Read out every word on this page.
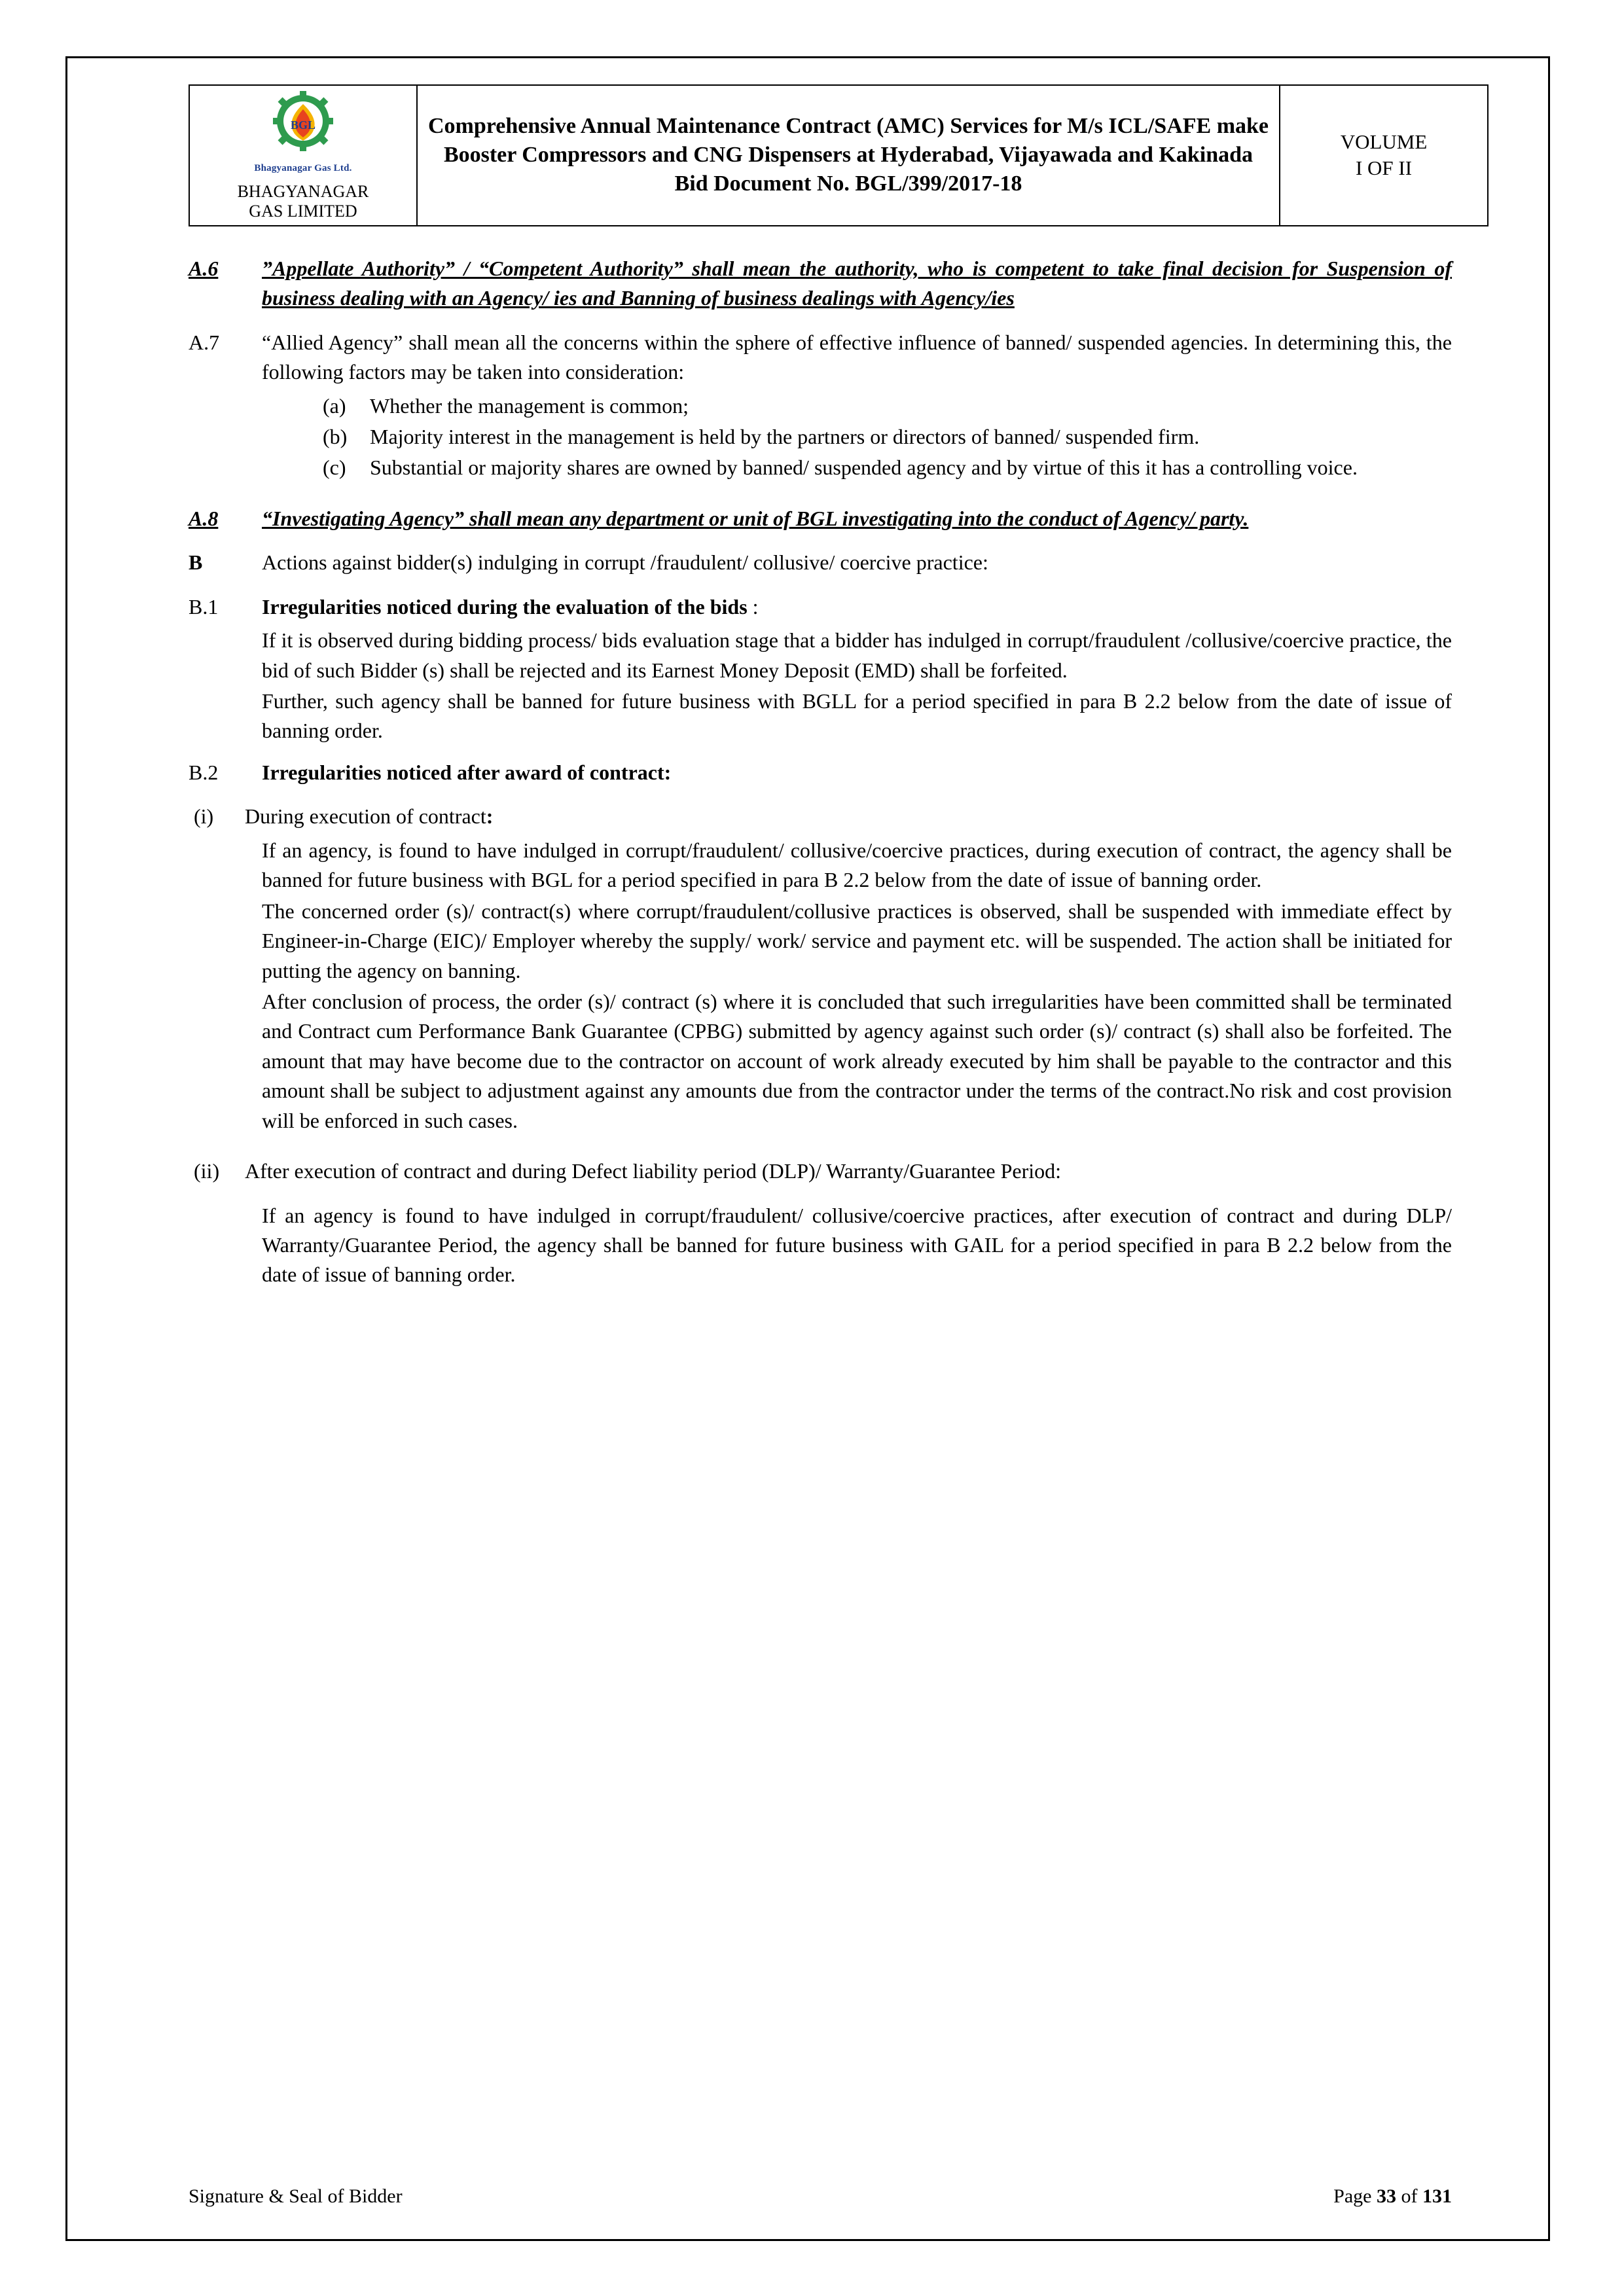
BGL
Bhagyanagar Gas Ltd.
BHAGYANAGAR
GAS LIMITED

Comprehensive Annual Maintenance Contract (AMC) Services for M/s ICL/SAFE make Booster Compressors and CNG Dispensers at Hyderabad, Vijayawada and Kakinada
Bid Document No. BGL/399/2017-18

VOLUME
I OF II
A.6	”Appellate Authority” / “Competent Authority” shall mean the authority, who is competent to take final decision for Suspension of business dealing with an Agency/ ies and Banning of business dealings with Agency/ies
A.7	“Allied Agency” shall mean all the concerns within the sphere of effective influence of banned/ suspended agencies. In determining this, the following factors may be taken into consideration:
(a)	Whether the management is common;
(b)	Majority interest in the management is held by the partners or directors of banned/ suspended firm.
(c)	Substantial or majority shares are owned by banned/ suspended agency and by virtue of this it has a controlling voice.
A.8	“Investigating Agency” shall mean any department or unit of BGL investigating into the conduct of Agency/ party.
B	Actions against bidder(s) indulging in corrupt /fraudulent/ collusive/ coercive practice:
B.1	Irregularities noticed during the evaluation of the bids :
If it is observed during bidding process/ bids evaluation stage that a bidder has indulged in corrupt/fraudulent /collusive/coercive practice, the bid of such Bidder (s) shall be rejected and its Earnest Money Deposit (EMD) shall be forfeited.
Further, such agency shall be banned for future business with BGLL for a period specified in para B 2.2 below from the date of issue of banning order.
B.2	Irregularities noticed after award of contract:
(i)	During execution of contract:
If an agency, is found to have indulged in corrupt/fraudulent/ collusive/coercive practices, during execution of contract, the agency shall be banned for future business with BGL for a period specified in para B 2.2 below from the date of issue of banning order.
The concerned order (s)/ contract(s) where corrupt/fraudulent/collusive practices is observed, shall be suspended with immediate effect by Engineer-in-Charge (EIC)/ Employer whereby the supply/ work/ service and payment etc. will be suspended. The action shall be initiated for putting the agency on banning.
After conclusion of process, the order (s)/ contract (s) where it is concluded that such irregularities have been committed shall be terminated and Contract cum Performance Bank Guarantee (CPBG) submitted by agency against such order (s)/ contract (s) shall also be forfeited. The amount that may have become due to the contractor on account of work already executed by him shall be payable to the contractor and this amount shall be subject to adjustment against any amounts due from the contractor under the terms of the contract.No risk and cost provision will be enforced in such cases.
(ii)	After execution of contract and during Defect liability period (DLP)/ Warranty/Guarantee Period:
If an agency is found to have indulged in corrupt/fraudulent/ collusive/coercive practices, after execution of contract and during DLP/ Warranty/Guarantee Period, the agency shall be banned for future business with GAIL for a period specified in para B 2.2 below from the date of issue of banning order.
Signature & Seal of Bidder	Page 33 of 131
